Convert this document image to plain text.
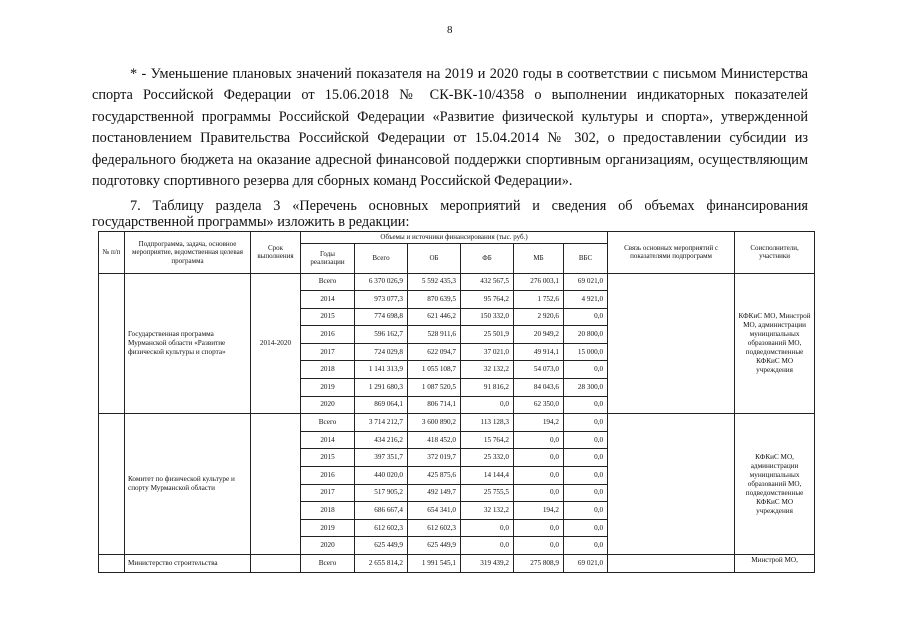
8
* - Уменьшение плановых значений показателя на 2019 и 2020 годы в соответствии с письмом Министерства спорта Российской Федерации от 15.06.2018 № СК-ВК-10/4358 о выполнении индикаторных показателей государственной программы Российской Федерации «Развитие физической культуры и спорта», утвержденной постановлением Правительства Российской Федерации от 15.04.2014 № 302, о предоставлении субсидии из федерального бюджета на оказание адресной финансовой поддержки спортивным организациям, осуществляющим подготовку спортивного резерва для сборных команд Российской Федерации».
7. Таблицу раздела 3 «Перечень основных мероприятий и сведения об объемах финансирования государственной программы» изложить в редакции:
№ п/п	Подпрограмма, задача, основное мероприятие, ведомственная целевая программа	Срок выполнения	Объемы и источники финансирования (тыс. руб.)						Связь основных мероприятий с показателями подпрограмм	Соисполнители, участники
			Годы реализации	Всего	ОБ	ФБ	МБ	ВБС		
	Государственная программа Мурманской области «Развитие физической культуры и спорта»	2014-2020	Всего	6 370 026,9	5 592 435,3	432 567,5	276 003,1	69 021,0		КФКиС МО, Минстрой МО, администрации муниципальных образований МО, подведомственные КФКиС МО учреждения
			2014	973 077,3	870 639,5	95 764,2	1 752,6	4 921,0		
			2015	774 698,8	621 446,2	150 332,0	2 920,6	0,0		
			2016	596 162,7	528 911,6	25 501,9	20 949,2	20 800,0		
			2017	724 029,8	622 094,7	37 021,0	49 914,1	15 000,0		
			2018	1 141 313,9	1 055 108,7	32 132,2	54 073,0	0,0		
			2019	1 291 680,3	1 087 520,5	91 816,2	84 043,6	28 300,0		
			2020	869 064,1	806 714,1	0,0	62 350,0	0,0		
	Комитет по физической культуре и спорту Мурманской области		Всего	3 714 212,7	3 600 890,2	113 128,3	194,2	0,0		КФКиС МО, администрации муниципальных образований МО, подведомственные КФКиС МО учреждения
			2014	434 216,2	418 452,0	15 764,2	0,0	0,0		
			2015	397 351,7	372 019,7	25 332,0	0,0	0,0		
			2016	440 020,0	425 875,6	14 144,4	0,0	0,0		
			2017	517 905,2	492 149,7	25 755,5	0,0	0,0		
			2018	686 667,4	654 341,0	32 132,2	194,2	0,0		
			2019	612 602,3	612 602,3	0,0	0,0	0,0		
			2020	625 449,9	625 449,9	0,0	0,0	0,0		
	Министерство строительства		Всего	2 655 814,2	1 991 545,1	319 439,2	275 808,9	69 021,0		Минстрой МО,
